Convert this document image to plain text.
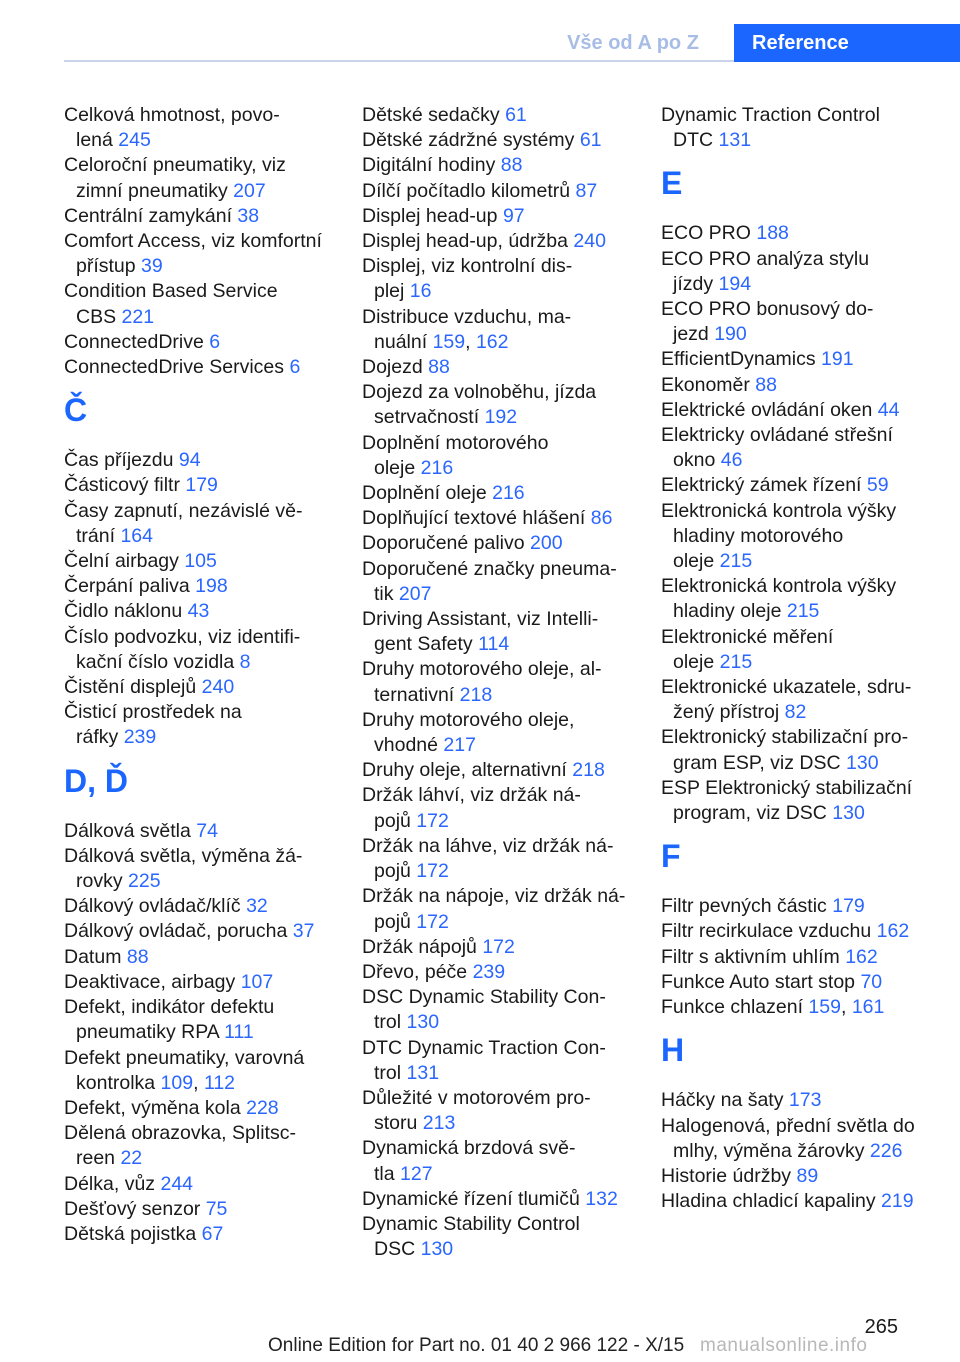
Vše od A po Z	Reference
Celková hmotnost, povo-
lená 245
Celoroční pneumatiky, viz
zimní pneumatiky 207
Centrální zamykání 38
Comfort Access, viz komfortní
přístup 39
Condition Based Service
CBS 221
ConnectedDrive 6
ConnectedDrive Services 6
Č
Čas příjezdu 94
Částicový filtr 179
Časy zapnutí, nezávislé vě-
trání 164
Čelní airbagy 105
Čerpání paliva 198
Čidlo náklonu 43
Číslo podvozku, viz identifi-
kační číslo vozidla 8
Čistění displejů 240
Čisticí prostředek na
ráfky 239
D, Ď
Dálková světla 74
Dálková světla, výměna žá-
rovky 225
Dálkový ovládač/klíč 32
Dálkový ovládač, porucha 37
Datum 88
Deaktivace, airbagy 107
Defekt, indikátor defektu
pneumatiky RPA 111
Defekt pneumatiky, varovná
kontrolka 109, 112
Defekt, výměna kola 228
Dělená obrazovka, Splitsc-
reen 22
Délka, vůz 244
Dešťový senzor 75
Dětská pojistka 67
Dětské sedačky 61
Dětské zádržné systémy 61
Digitální hodiny 88
Dílčí počítadlo kilometrů 87
Displej head-up 97
Displej head-up, údržba 240
Displej, viz kontrolní dis-
plej 16
Distribuce vzduchu, ma-
nuální 159, 162
Dojezd 88
Dojezd za volnoběhu, jízda
setrvačností 192
Doplnění motorového
oleje 216
Doplnění oleje 216
Doplňující textové hlášení 86
Doporučené palivo 200
Doporučené značky pneuma-
tik 207
Driving Assistant, viz Intelli-
gent Safety 114
Druhy motorového oleje, al-
ternativní 218
Druhy motorového oleje,
vhodné 217
Druhy oleje, alternativní 218
Držák láhví, viz držák ná-
pojů 172
Držák na láhve, viz držák ná-
pojů 172
Držák na nápoje, viz držák ná-
pojů 172
Držák nápojů 172
Dřevo, péče 239
DSC Dynamic Stability Con-
trol 130
DTC Dynamic Traction Con-
trol 131
Důležité v motorovém pro-
storu 213
Dynamická brzdová svě-
tla 127
Dynamické řízení tlumičů 132
Dynamic Stability Control
DSC 130
Dynamic Traction Control
DTC 131
E
ECO PRO 188
ECO PRO analýza stylu
jízdy 194
ECO PRO bonusový do-
jezd 190
EfficientDynamics 191
Ekonoměr 88
Elektrické ovládání oken 44
Elektricky ovládané střešní
okno 46
Elektrický zámek řízení 59
Elektronická kontrola výšky
hladiny motorového
oleje 215
Elektronická kontrola výšky
hladiny oleje 215
Elektronické měření
oleje 215
Elektronické ukazatele, sdru-
žený přístroj 82
Elektronický stabilizační pro-
gram ESP, viz DSC 130
ESP Elektronický stabilizační
program, viz DSC 130
F
Filtr pevných částic 179
Filtr recirkulace vzduchu 162
Filtr s aktivním uhlím 162
Funkce Auto start stop 70
Funkce chlazení 159, 161
H
Háčky na šaty 173
Halogenová, přední světla do
mlhy, výměna žárovky 226
Historie údržby 89
Hladina chladicí kapaliny 219
265
Online Edition for Part no. 01 40 2 966 122 - X/15 manualsonline.info
